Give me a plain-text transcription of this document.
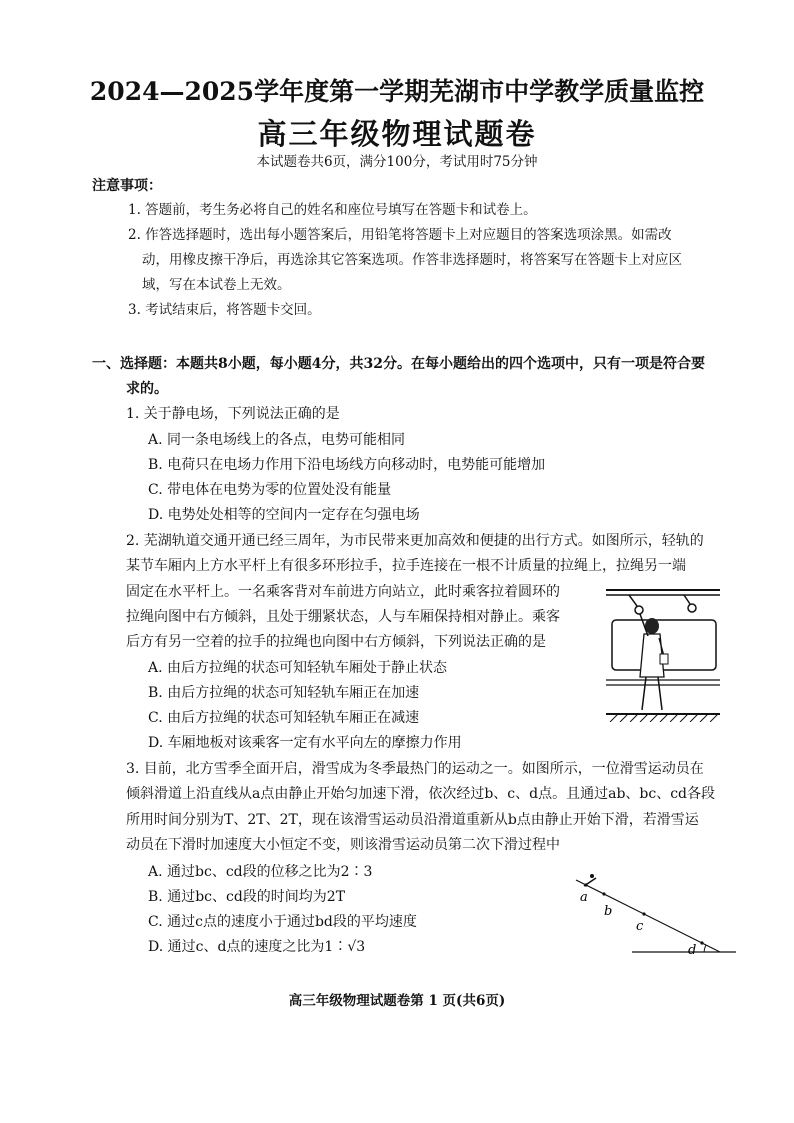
2024—2025学年度第一学期芜湖市中学教学质量监控
高三年级物理试题卷
本试题卷共6页，满分100分，考试用时75分钟
注意事项：
1. 答题前，考生务必将自己的姓名和座位号填写在答题卡和试卷上。
2. 作答选择题时，选出每小题答案后，用铅笔将答题卡上对应题目的答案选项涂黑。如需改
动，用橡皮擦干净后，再选涂其它答案选项。作答非选择题时，将答案写在答题卡上对应区
域，写在本试卷上无效。
3. 考试结束后，将答题卡交回。
一、选择题：本题共8小题，每小题4分，共32分。在每小题给出的四个选项中，只有一项是符合要
求的。
1. 关于静电场，下列说法正确的是
A. 同一条电场线上的各点，电势可能相同
B. 电荷只在电场力作用下沿电场线方向移动时，电势能可能增加
C. 带电体在电势为零的位置处没有能量
D. 电势处处相等的空间内一定存在匀强电场
2. 芜湖轨道交通开通已经三周年，为市民带来更加高效和便捷的出行方式。如图所示，轻轨的
某节车厢内上方水平杆上有很多环形拉手，拉手连接在一根不计质量的拉绳上，拉绳另一端
固定在水平杆上。一名乘客背对车前进方向站立，此时乘客拉着圆环的
拉绳向图中右方倾斜，且处于绷紧状态，人与车厢保持相对静止。乘客
后方有另一空着的拉手的拉绳也向图中右方倾斜，下列说法正确的是
A. 由后方拉绳的状态可知轻轨车厢处于静止状态
B. 由后方拉绳的状态可知轻轨车厢正在加速
C. 由后方拉绳的状态可知轻轨车厢正在减速
D. 车厢地板对该乘客一定有水平向左的摩擦力作用
3. 目前，北方雪季全面开启，滑雪成为冬季最热门的运动之一。如图所示，一位滑雪运动员在
倾斜滑道上沿直线从a点由静止开始匀加速下滑，依次经过b、c、d点。且通过ab、bc、cd各段
所用时间分别为T、2T、2T，现在该滑雪运动员沿滑道重新从b点由静止开始下滑，若滑雪运
动员在下滑时加速度大小恒定不变，则该滑雪运动员第二次下滑过程中
A. 通过bc、cd段的位移之比为2∶3
B. 通过bc、cd段的时间均为2T
C. 通过c点的速度小于通过bd段的平均速度
D. 通过c、d点的速度之比为1∶√3
a
b
c
d
高三年级物理试题卷第 1 页(共6页)
